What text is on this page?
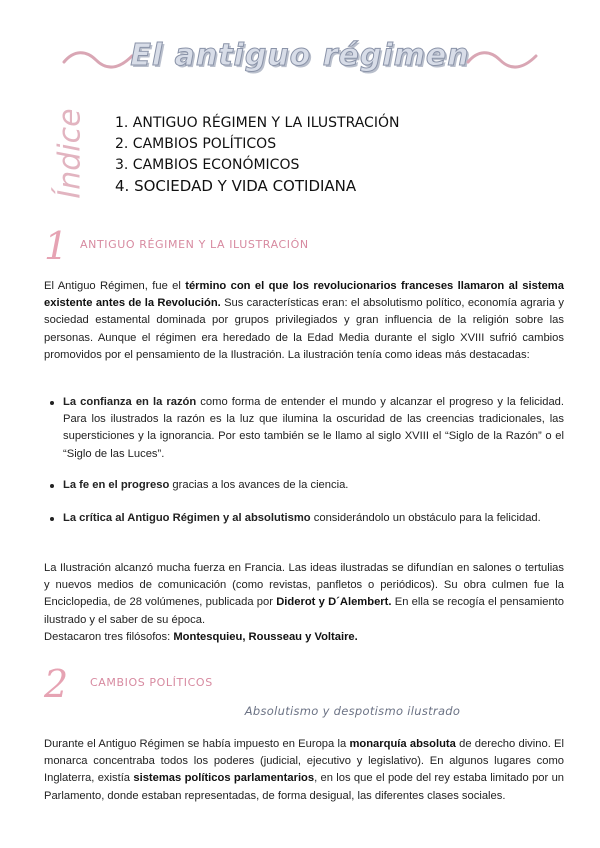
El antiguo régimen
Índice 1. ANTIGUO RÉGIMEN Y LA ILUSTRACIÓN
2. CAMBIOS POLÍTICOS
3. CAMBIOS ECONÓMICOS
4. SOCIEDAD Y VIDA COTIDIANA
1 ANTIGUO RÉGIMEN Y LA ILUSTRACIÓN

El Antiguo Régimen, fue el término con el que los revolucionarios franceses llamaron al sistema existente antes de la Revolución. Sus características eran: el absolutismo político, economía agraria y sociedad estamental dominada por grupos privilegiados y gran influencia de la religión sobre las personas. Aunque el régimen era heredado de la Edad Media durante el siglo XVIII sufrió cambios promovidos por el pensamiento de la Ilustración. La ilustración tenía como ideas más destacadas:

La confianza en la razón como forma de entender el mundo y alcanzar el progreso y la felicidad. Para los ilustrados la razón es la luz que ilumina la oscuridad de las creencias tradicionales, las supersticiones y la ignorancia. Por esto también se le llamo al siglo XVIII el “Siglo de la Razón” o el “Siglo de las Luces”.
La fe en el progreso gracias a los avances de la ciencia.
La crítica al Antiguo Régimen y al absolutismo considerándolo un obstáculo para la felicidad.

La Ilustración alcanzó mucha fuerza en Francia. Las ideas ilustradas se difundían en salones o tertulias y nuevos medios de comunicación (como revistas, panfletos o periódicos). Su obra culmen fue la Enciclopedia, de 28 volúmenes, publicada por Diderot y D´Alembert. En ella se recogía el pensamiento ilustrado y el saber de su época.
Destacaron tres filósofos: Montesquieu, Rousseau y Voltaire.

2 CAMBIOS POLÍTICOS
Absolutismo y despotismo ilustrado

Durante el Antiguo Régimen se había impuesto en Europa la monarquía absoluta de derecho divino. El monarca concentraba todos los poderes (judicial, ejecutivo y legislativo). En algunos lugares como Inglaterra, existía sistemas políticos parlamentarios, en los que el pode del rey estaba limitado por un Parlamento, donde estaban representadas, de forma desigual, las diferentes clases sociales.
